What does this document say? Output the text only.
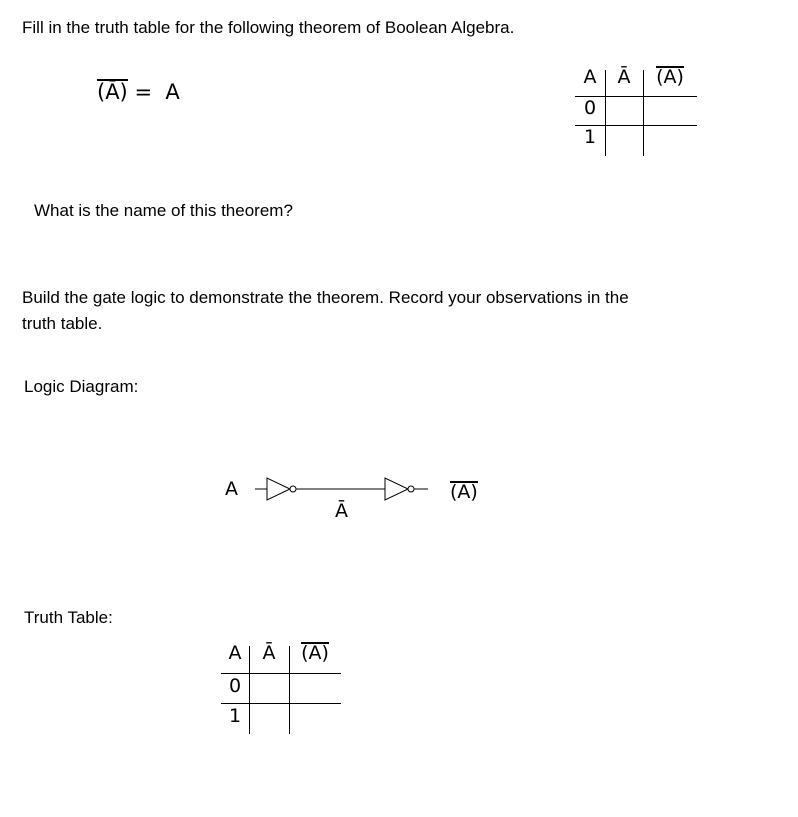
Fill in the truth table for the following theorem of Boolean Algebra.
(Ā) = A
A	Ā	(Ā)
0
1
What is the name of this theorem?
Build the gate logic to demonstrate the theorem. Record your observations in the
truth table.
Logic Diagram:
A
Ā
(Ā)
Truth Table:
A	Ā	(Ā)
0
1
